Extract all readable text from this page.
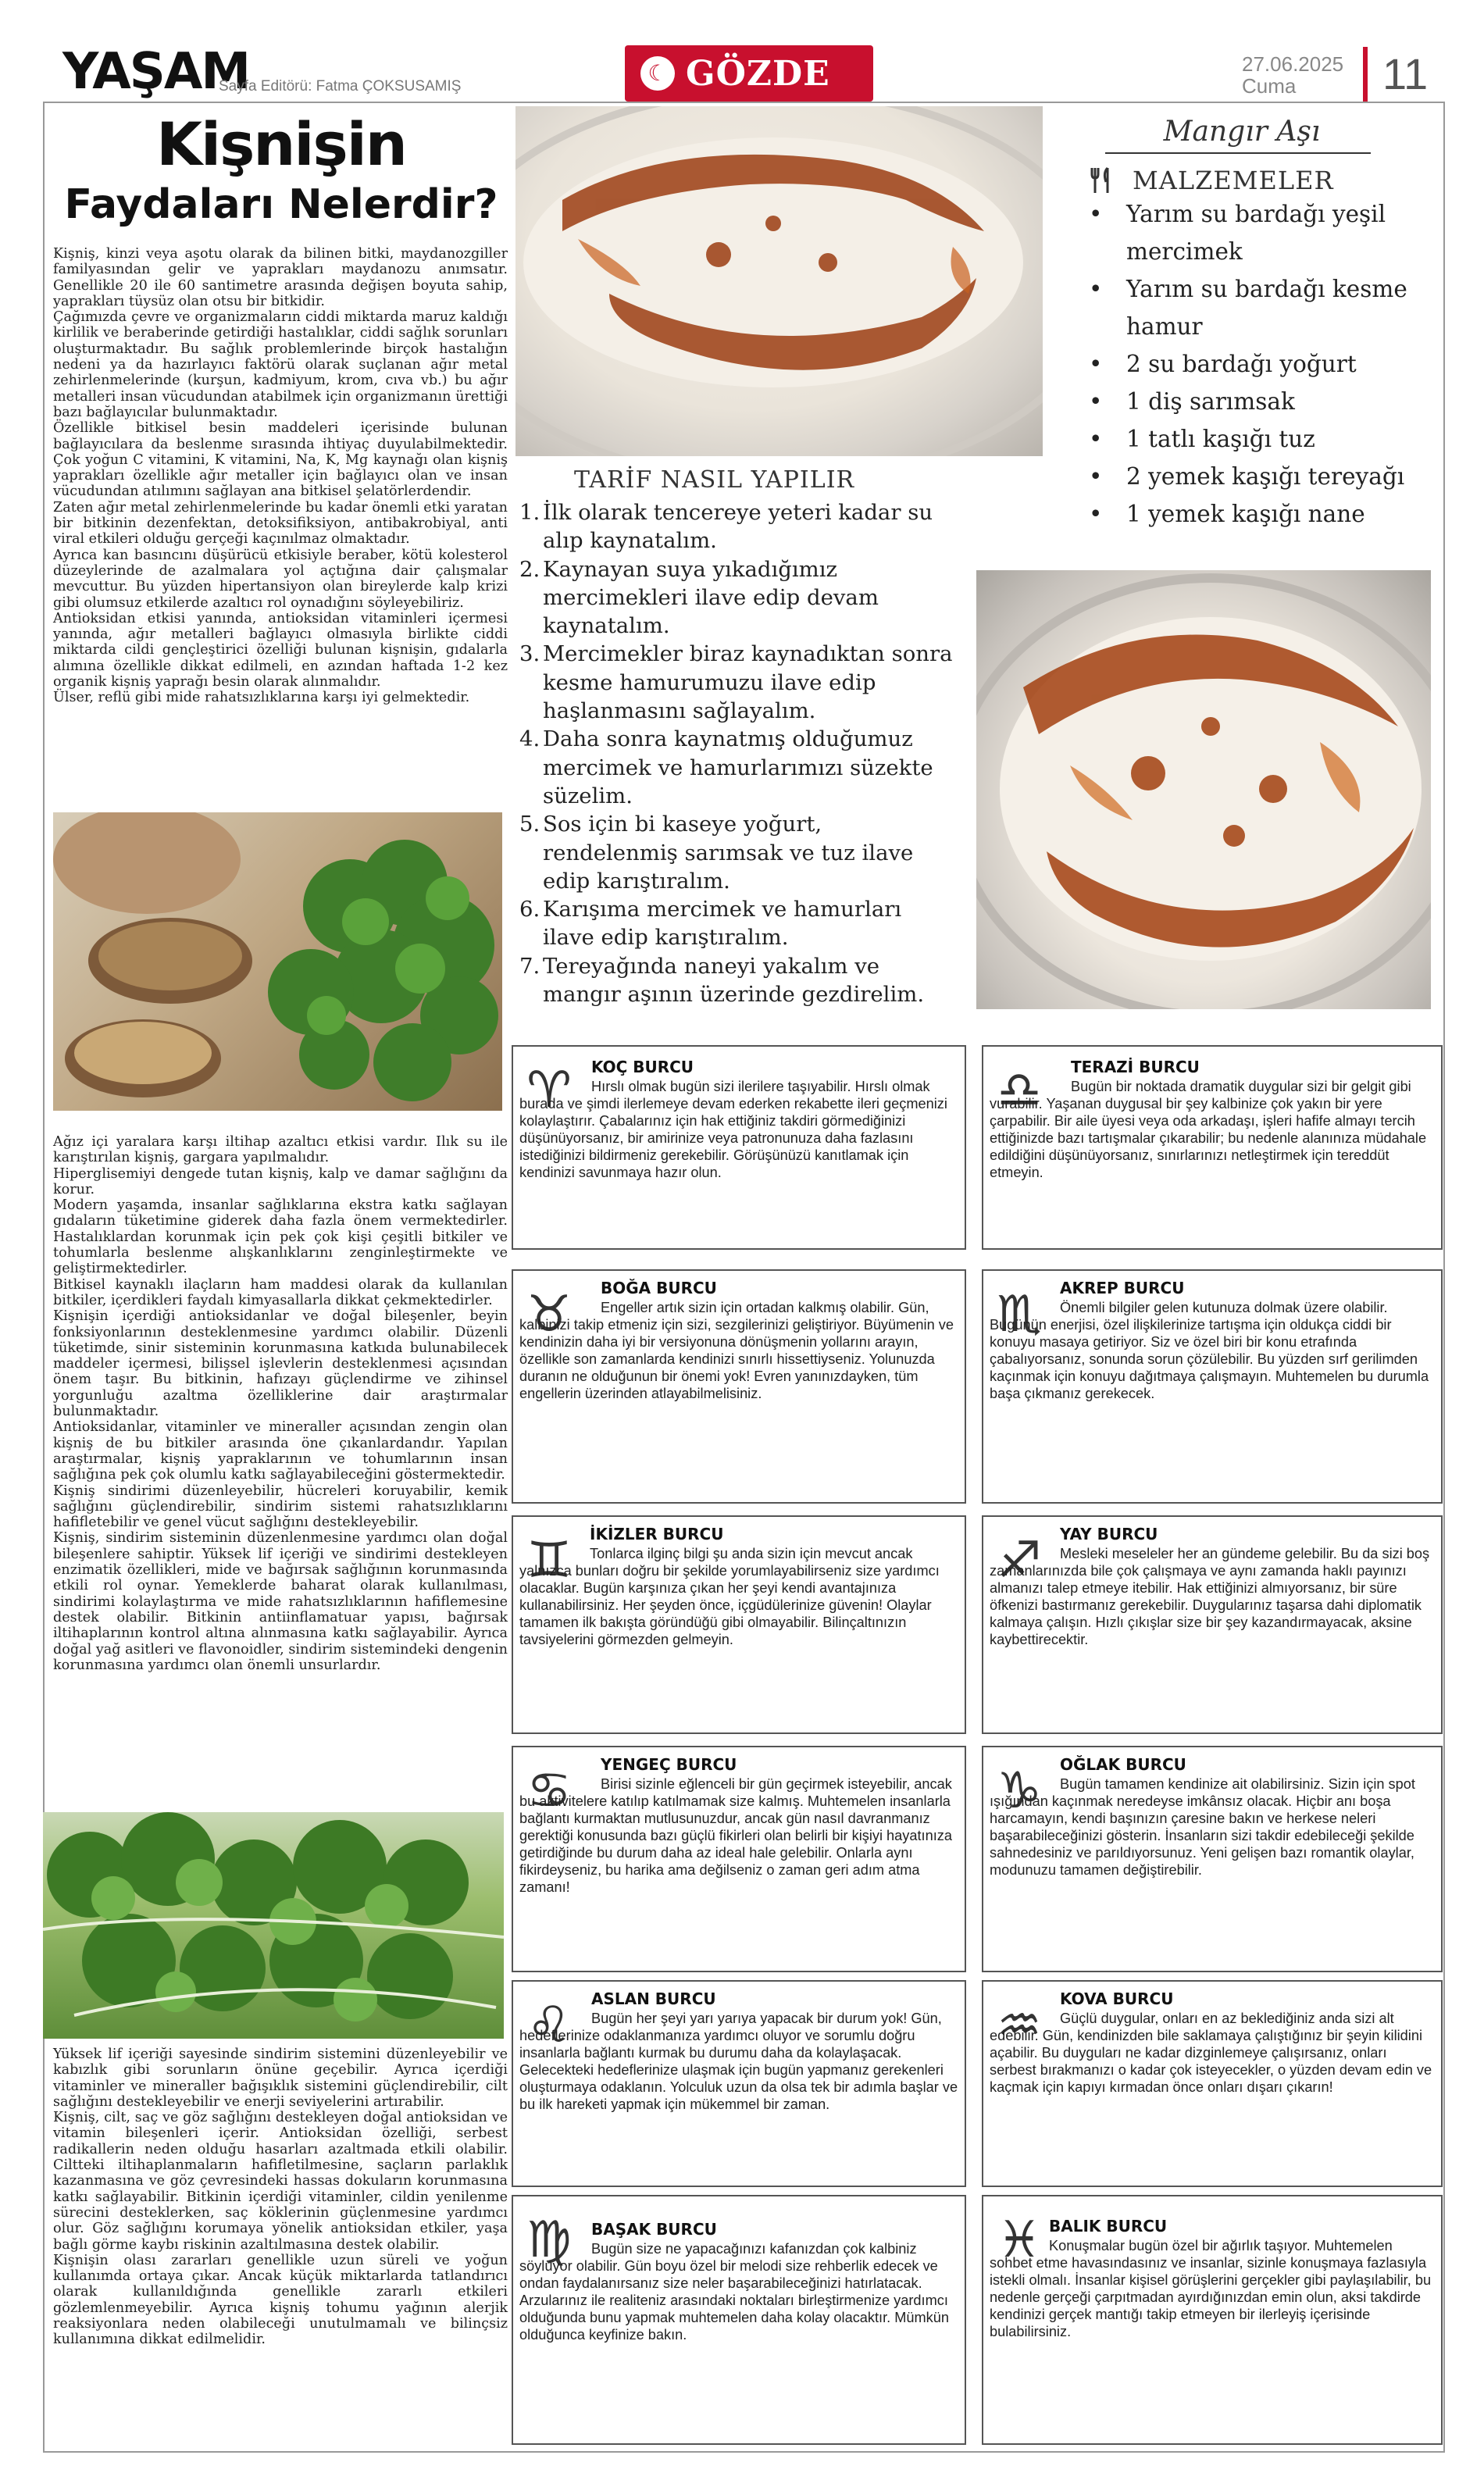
YAŞAM
Sayfa Editörü: Fatma ÇOKSUSAMIŞ
☾ GÖZDE	27.06.2025
Cuma	11
Kişnişin
Faydaları Nelerdir?

Kişniş, kinzi veya aşotu olarak da bilinen bitki, maydanozgiller familyasından gelir ve yaprakları maydanozu anımsatır. Genellikle 20 ile 60 santimetre arasında değişen boyuta sahip, yaprakları tüysüz olan otsu bir bitkidir.

Çağımızda çevre ve organizmaların ciddi miktarda maruz kaldığı kirlilik ve beraberinde getirdiği hastalıklar, ciddi sağlık sorunları oluşturmaktadır. Bu sağlık problemlerinde birçok hastalığın nedeni ya da hazırlayıcı faktörü olarak suçlanan ağır metal zehirlenmelerinde (kurşun, kadmiyum, krom, cıva vb.) bu ağır metalleri insan vücudundan atabilmek için organizmanın ürettiği bazı bağlayıcılar bulunmaktadır.

Özellikle bitkisel besin maddeleri içerisinde bulunan bağlayıcılara da beslenme sırasında ihtiyaç duyulabilmektedir. Çok yoğun C vitamini, K vitamini, Na, K, Mg kaynağı olan kişniş yaprakları özellikle ağır metaller için bağlayıcı olan ve insan vücudundan atılımını sağlayan ana bitkisel şelatörlerdendir.

Zaten ağır metal zehirlenmelerinde bu kadar önemli etki yaratan bir bitkinin dezenfektan, detoksifiksiyon, antibakrobiyal, anti viral etkileri olduğu gerçeği kaçınılmaz olmaktadır.

Ayrıca kan basıncını düşürücü etkisiyle beraber, kötü kolesterol düzeylerinde de azalmalara yol açtığına dair çalışmalar mevcuttur. Bu yüzden hipertansiyon olan bireylerde kalp krizi gibi olumsuz etkilerde azaltıcı rol oynadığını söyleyebiliriz.

Antioksidan etkisi yanında, antioksidan vitaminleri içermesi yanında, ağır metalleri bağlayıcı olmasıyla birlikte ciddi miktarda cildi gençleştirici özelliği bulunan kişnişin, gıdalarla alımına özellikle dikkat edilmeli, en azından haftada 1-2 kez organik kişniş yaprağı besin olarak alınmalıdır.

Ülser, reflü gibi mide rahatsızlıklarına karşı iyi gelmektedir.

Ağız içi yaralara karşı iltihap azaltıcı etkisi vardır. Ilık su ile karıştırılan kişniş, gargara yapılmalıdır.

Hiperglisemiyi dengede tutan kişniş, kalp ve damar sağlığını da korur.

Modern yaşamda, insanlar sağlıklarına ekstra katkı sağlayan gıdaların tüketimine giderek daha fazla önem vermektedirler. Hastalıklardan korunmak için pek çok kişi çeşitli bitkiler ve tohumlarla beslenme alışkanlıklarını zenginleştirmekte ve geliştirmektedirler.

Bitkisel kaynaklı ilaçların ham maddesi olarak da kullanılan bitkiler, içerdikleri faydalı kimyasallarla dikkat çekmektedirler.

Kişnişin içerdiği antioksidanlar ve doğal bileşenler, beyin fonksiyonlarının desteklenmesine yardımcı olabilir. Düzenli tüketimde, sinir sisteminin korunmasına katkıda bulunabilecek maddeler içermesi, bilişsel işlevlerin desteklenmesi açısından önem taşır. Bu bitkinin, hafızayı güçlendirme ve zihinsel yorgunluğu azaltma özelliklerine dair araştırmalar bulunmaktadır.

Antioksidanlar, vitaminler ve mineraller açısından zengin olan kişniş de bu bitkiler arasında öne çıkanlardandır. Yapılan araştırmalar, kişniş yapraklarının ve tohumlarının insan sağlığına pek çok olumlu katkı sağlayabileceğini göstermektedir.

Kişniş sindirimi düzenleyebilir, hücreleri koruyabilir, kemik sağlığını güçlendirebilir, sindirim sistemi rahatsızlıklarını hafifletebilir ve genel vücut sağlığını destekleyebilir.

Kişniş, sindirim sisteminin düzenlenmesine yardımcı olan doğal bileşenlere sahiptir. Yüksek lif içeriği ve sindirimi destekleyen enzimatik özellikleri, mide ve bağırsak sağlığının korunmasında etkili rol oynar. Yemeklerde baharat olarak kullanılması, sindirimi kolaylaştırma ve mide rahatsızlıklarının hafiflemesine destek olabilir. Bitkinin antiinflamatuar yapısı, bağırsak iltihaplarının kontrol altına alınmasına katkı sağlayabilir. Ayrıca doğal yağ asitleri ve flavonoidler, sindirim sistemindeki dengenin korunmasına yardımcı olan önemli unsurlardır.

Yüksek lif içeriği sayesinde sindirim sistemini düzenleyebilir ve kabızlık gibi sorunların önüne geçebilir. Ayrıca içerdiği vitaminler ve mineraller bağışıklık sistemini güçlendirebilir, cilt sağlığını destekleyebilir ve enerji seviyelerini artırabilir.

Kişniş, cilt, saç ve göz sağlığını destekleyen doğal antioksidan ve vitamin bileşenleri içerir. Antioksidan özelliği, serbest radikallerin neden olduğu hasarları azaltmada etkili olabilir. Ciltteki iltihaplanmaların hafifletilmesine, saçların parlaklık kazanmasına ve göz çevresindeki hassas dokuların korunmasına katkı sağlayabilir. Bitkinin içerdiği vitaminler, cildin yenilenme sürecini desteklerken, saç köklerinin güçlenmesine yardımcı olur. Göz sağlığını korumaya yönelik antioksidan etkiler, yaşa bağlı görme kaybı riskinin azaltılmasına destek olabilir.

Kişnişin olası zararları genellikle uzun süreli ve yoğun kullanımda ortaya çıkar. Ancak küçük miktarlarda tatlandırıcı olarak kullanıldığında genellikle zararlı etkileri gözlemlenmeyebilir. Ayrıca kişniş tohumu yağının alerjik reaksiyonlara neden olabileceği unutulmamalı ve bilinçsiz kullanımına dikkat edilmelidir.

TARİF NASIL YAPILIR
1. İlk olarak tencereye yeteri kadar su alıp kaynatalım.
2. Kaynayan suya yıkadığımız mercimekleri ilave edip devam kaynatalım.
3. Mercimekler biraz kaynadıktan sonra kesme hamurumuzu ilave edip haşlanmasını sağlayalım.
4. Daha sonra kaynatmış olduğumuz mercimek ve hamurlarımızı süzekte süzelim.
5. Sos için bi kaseye yoğurt, rendelenmiş sarımsak ve tuz ilave edip karıştıralım.
6. Karışıma mercimek ve hamurları ilave edip karıştıralım.
7. Tereyağında naneyi yakalım ve mangır aşının üzerinde gezdirelim.
Mangır Aşı
MALZEMELER
•	Yarım su bardağı yeşil mercimek
•	Yarım su bardağı kesme hamur
•	2 su bardağı yoğurt
•	1 diş sarımsak
•	1 tatlı kaşığı tuz
•	2 yemek kaşığı tereyağı
•	1 yemek kaşığı nane
♈	KOÇ BURCU
Hırslı olmak bugün sizi ilerilere taşıyabilir. Hırslı olmak burada ve şimdi ilerlemeye devam ederken rekabette ileri geçmenizi kolaylaştırır. Çabalarınız için hak ettiğiniz takdiri görmediğinizi düşünüyorsanız, bir amirinize veya patronunuza daha fazlasını istediğinizi bildirmeniz gerekebilir. Görüşünüzü kanıtlamak için kendinizi savunmaya hazır olun.
♎	TERAZİ BURCU
Bugün bir noktada dramatik duygular sizi bir gelgit gibi vurabilir. Yaşanan duygusal bir şey kalbinize çok yakın bir yere çarpabilir. Bir aile üyesi veya oda arkadaşı, işleri hafife almayı tercih ettiğinizde bazı tartışmalar çıkarabilir; bu nedenle alanınıza müdahale edildiğini düşünüyorsanız, sınırlarınızı netleştirmek için tereddüt etmeyin.
♉	BOĞA BURCU
Engeller artık sizin için ortadan kalkmış olabilir. Gün, kalbinizi takip etmeniz için sizi, sezgilerinizi geliştiriyor. Büyümenin ve kendinizin daha iyi bir versiyonuna dönüşmenin yollarını arayın, özellikle son zamanlarda kendinizi sınırlı hissettiyseniz. Yolunuzda duranın ne olduğunun bir önemi yok! Evren yanınızdayken, tüm engellerin üzerinden atlayabilmelisiniz.
♏	AKREP BURCU
Önemli bilgiler gelen kutunuza dolmak üzere olabilir. Bugünün enerjisi, özel ilişkilerinize tartışma için oldukça ciddi bir konuyu masaya getiriyor. Siz ve özel biri bir konu etrafında çabalıyorsanız, sonunda sorun çözülebilir. Bu yüzden sırf gerilimden kaçınmak için konuyu dağıtmaya çalışmayın. Muhtemelen bu durumla başa çıkmanız gerekecek.
♊	İKİZLER BURCU
Tonlarca ilginç bilgi şu anda sizin için mevcut ancak yalnızca bunları doğru bir şekilde yorumlayabilirseniz size yardımcı olacaklar. Bugün karşınıza çıkan her şeyi kendi avantajınıza kullanabilirsiniz. Her şeyden önce, içgüdülerinize güvenin! Olaylar tamamen ilk bakışta göründüğü gibi olmayabilir. Bilinçaltınızın tavsiyelerini görmezden gelmeyin.
♐	YAY BURCU
Mesleki meseleler her an gündeme gelebilir. Bu da sizi boş zamanlarınızda bile çok çalışmaya ve aynı zamanda haklı payınızı almanızı talep etmeye itebilir. Hak ettiğinizi almıyorsanız, bir süre öfkenizi bastırmanız gerekebilir. Duygularınız taşarsa dahi diplomatik kalmaya çalışın. Hızlı çıkışlar size bir şey kazandırmayacak, aksine kaybettirecektir.
♋	YENGEÇ BURCU
Birisi sizinle eğlenceli bir gün geçirmek isteyebilir, ancak bu aktivitelere katılıp katılmamak size kalmış. Muhtemelen insanlarla bağlantı kurmaktan mutlusunuzdur, ancak gün nasıl davranmanız gerektiği konusunda bazı güçlü fikirleri olan belirli bir kişiyi hayatınıza getirdiğinde bu durum daha az ideal hale gelebilir. Onlarla aynı fikirdeyseniz, bu harika ama değilseniz o zaman geri adım atma zamanı!
♑	OĞLAK BURCU
Bugün tamamen kendinize ait olabilirsiniz. Sizin için spot ışığından kaçınmak neredeyse imkânsız olacak. Hiçbir anı boşa harcamayın, kendi başınızın çaresine bakın ve herkese neleri başarabileceğinizi gösterin. İnsanların sizi takdir edebileceği şekilde sahnedesiniz ve parıldıyorsunuz. Yeni gelişen bazı romantik olaylar, modunuzu tamamen değiştirebilir.
♌	ASLAN BURCU
Bugün her şeyi yarı yarıya yapacak bir durum yok! Gün, hedeflerinize odaklanmanıza yardımcı oluyor ve sorumlu doğru insanlarla bağlantı kurmak bu durumu daha da kolaylaşacak. Gelecekteki hedeflerinize ulaşmak için bugün yapmanız gerekenleri oluşturmaya odaklanın. Yolculuk uzun da olsa tek bir adımla başlar ve bu ilk hareketi yapmak için mükemmel bir zaman.
♒	KOVA BURCU
Güçlü duygular, onları en az beklediğiniz anda sizi alt edebilir. Gün, kendinizden bile saklamaya çalıştığınız bir şeyin kilidini açabilir. Bu duyguları ne kadar dizginlemeye çalışırsanız, onları serbest bırakmanızı o kadar çok isteyecekler, o yüzden devam edin ve kaçmak için kapıyı kırmadan önce onları dışarı çıkarın!
♍	BAŞAK BURCU
Bugün size ne yapacağınızı kafanızdan çok kalbiniz söylüyor olabilir. Gün boyu özel bir melodi size rehberlik edecek ve ondan faydalanırsanız size neler başarabileceğinizi hatırlatacak. Arzularınız ile realiteniz arasındaki noktaları birleştirmenize yardımcı olduğunda bunu yapmak muhtemelen daha kolay olacaktır. Mümkün olduğunca keyfinize bakın.
♓ BALIK BURCU
Konuşmalar bugün özel bir ağırlık taşıyor. Muhtemelen sohbet etme havasındasınız ve insanlar, sizinle konuşmaya fazlasıyla istekli olmalı. İnsanlar kişisel görüşlerini gerçekler gibi paylaşılabilir, bu nedenle gerçeği çarpıtmadan ayırdığınızdan emin olun, aksi takdirde kendinizi gerçek mantığı takip etmeyen bir ilerleyiş içerisinde bulabilirsiniz.
